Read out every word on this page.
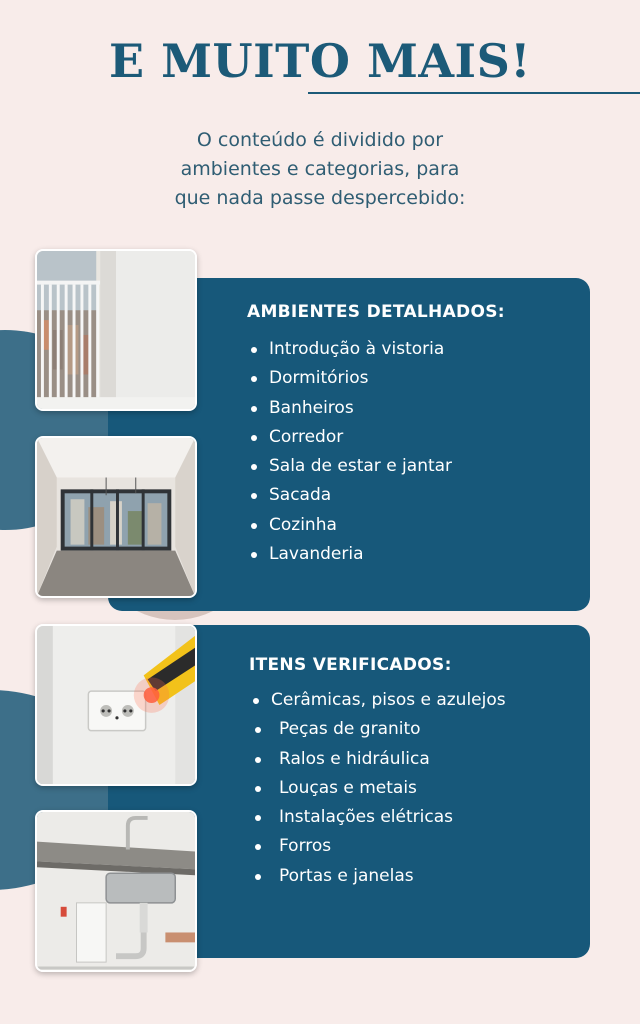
E MUITO MAIS!

O conteúdo é dividido por
ambientes e categorias, para
que nada passe despercebido:

AMBIENTES DETALHADOS:
Introdução à vistoria
Dormitórios
Banheiros
Corredor
Sala de estar e jantar
Sacada
Cozinha
Lavanderia
ITENS VERIFICADOS:
Cerâmicas, pisos e azulejos
Peças de granito
Ralos e hidráulica
Louças e metais
Instalações elétricas
Forros
Portas e janelas
